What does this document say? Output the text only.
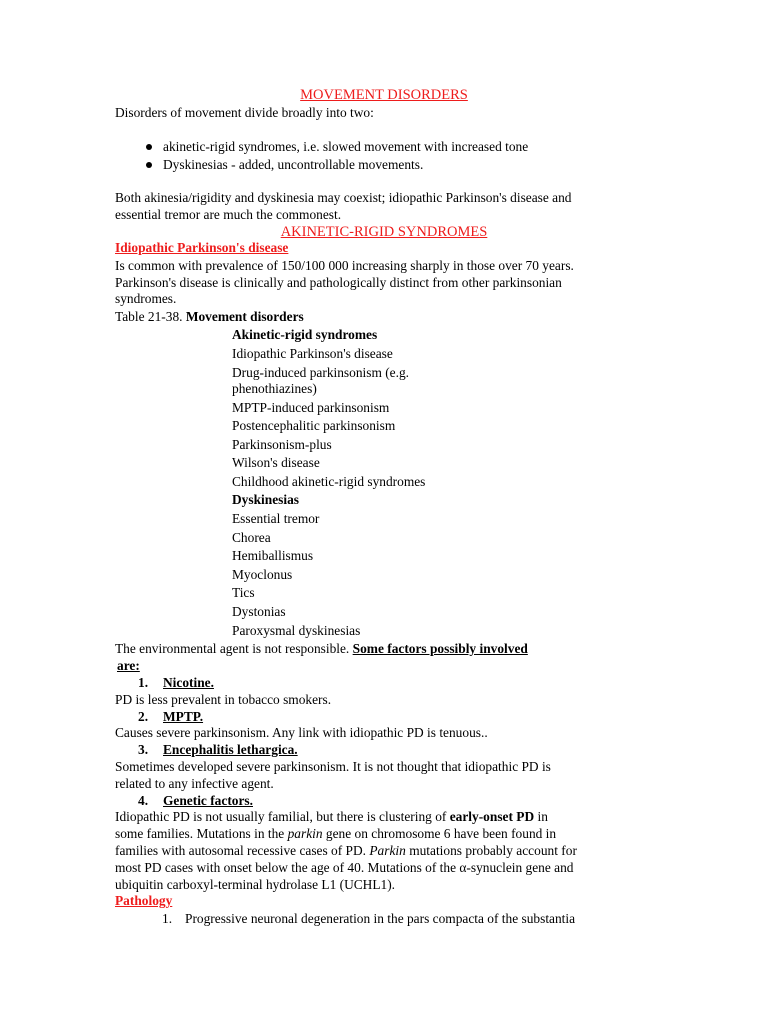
MOVEMENT DISORDERS
Disorders of movement divide broadly into two:
akinetic-rigid syndromes, i.e. slowed movement with increased tone
Dyskinesias - added, uncontrollable movements.
Both akinesia/rigidity and dyskinesia may coexist; idiopathic Parkinson's disease and
essential tremor are much the commonest.
AKINETIC-RIGID SYNDROMES
Idiopathic Parkinson's disease
Is common with prevalence of 150/100 000 increasing sharply in those over 70 years.
Parkinson's disease is clinically and pathologically distinct from other parkinsonian
syndromes.
Table 21-38. Movement disorders
Akinetic-rigid syndromes
Idiopathic Parkinson's disease
Drug-induced parkinsonism (e.g.
phenothiazines)
MPTP-induced parkinsonism
Postencephalitic parkinsonism
Parkinsonism-plus
Wilson's disease
Childhood akinetic-rigid syndromes
Dyskinesias
Essential tremor
Chorea
Hemiballismus
Myoclonus
Tics
Dystonias
Paroxysmal dyskinesias
The environmental agent is not responsible. Some factors possibly involved
are:
1. Nicotine.
PD is less prevalent in tobacco smokers.
2. MPTP.
Causes severe parkinsonism. Any link with idiopathic PD is tenuous..
3. Encephalitis lethargica.
Sometimes developed severe parkinsonism. It is not thought that idiopathic PD is
related to any infective agent.
4. Genetic factors.
Idiopathic PD is not usually familial, but there is clustering of early-onset PD in
some families. Mutations in the parkin gene on chromosome 6 have been found in
families with autosomal recessive cases of PD. Parkin mutations probably account for
most PD cases with onset below the age of 40. Mutations of the α-synuclein gene and
ubiquitin carboxyl-terminal hydrolase L1 (UCHL1).
Pathology
1. Progressive neuronal degeneration in the pars compacta of the substantia
